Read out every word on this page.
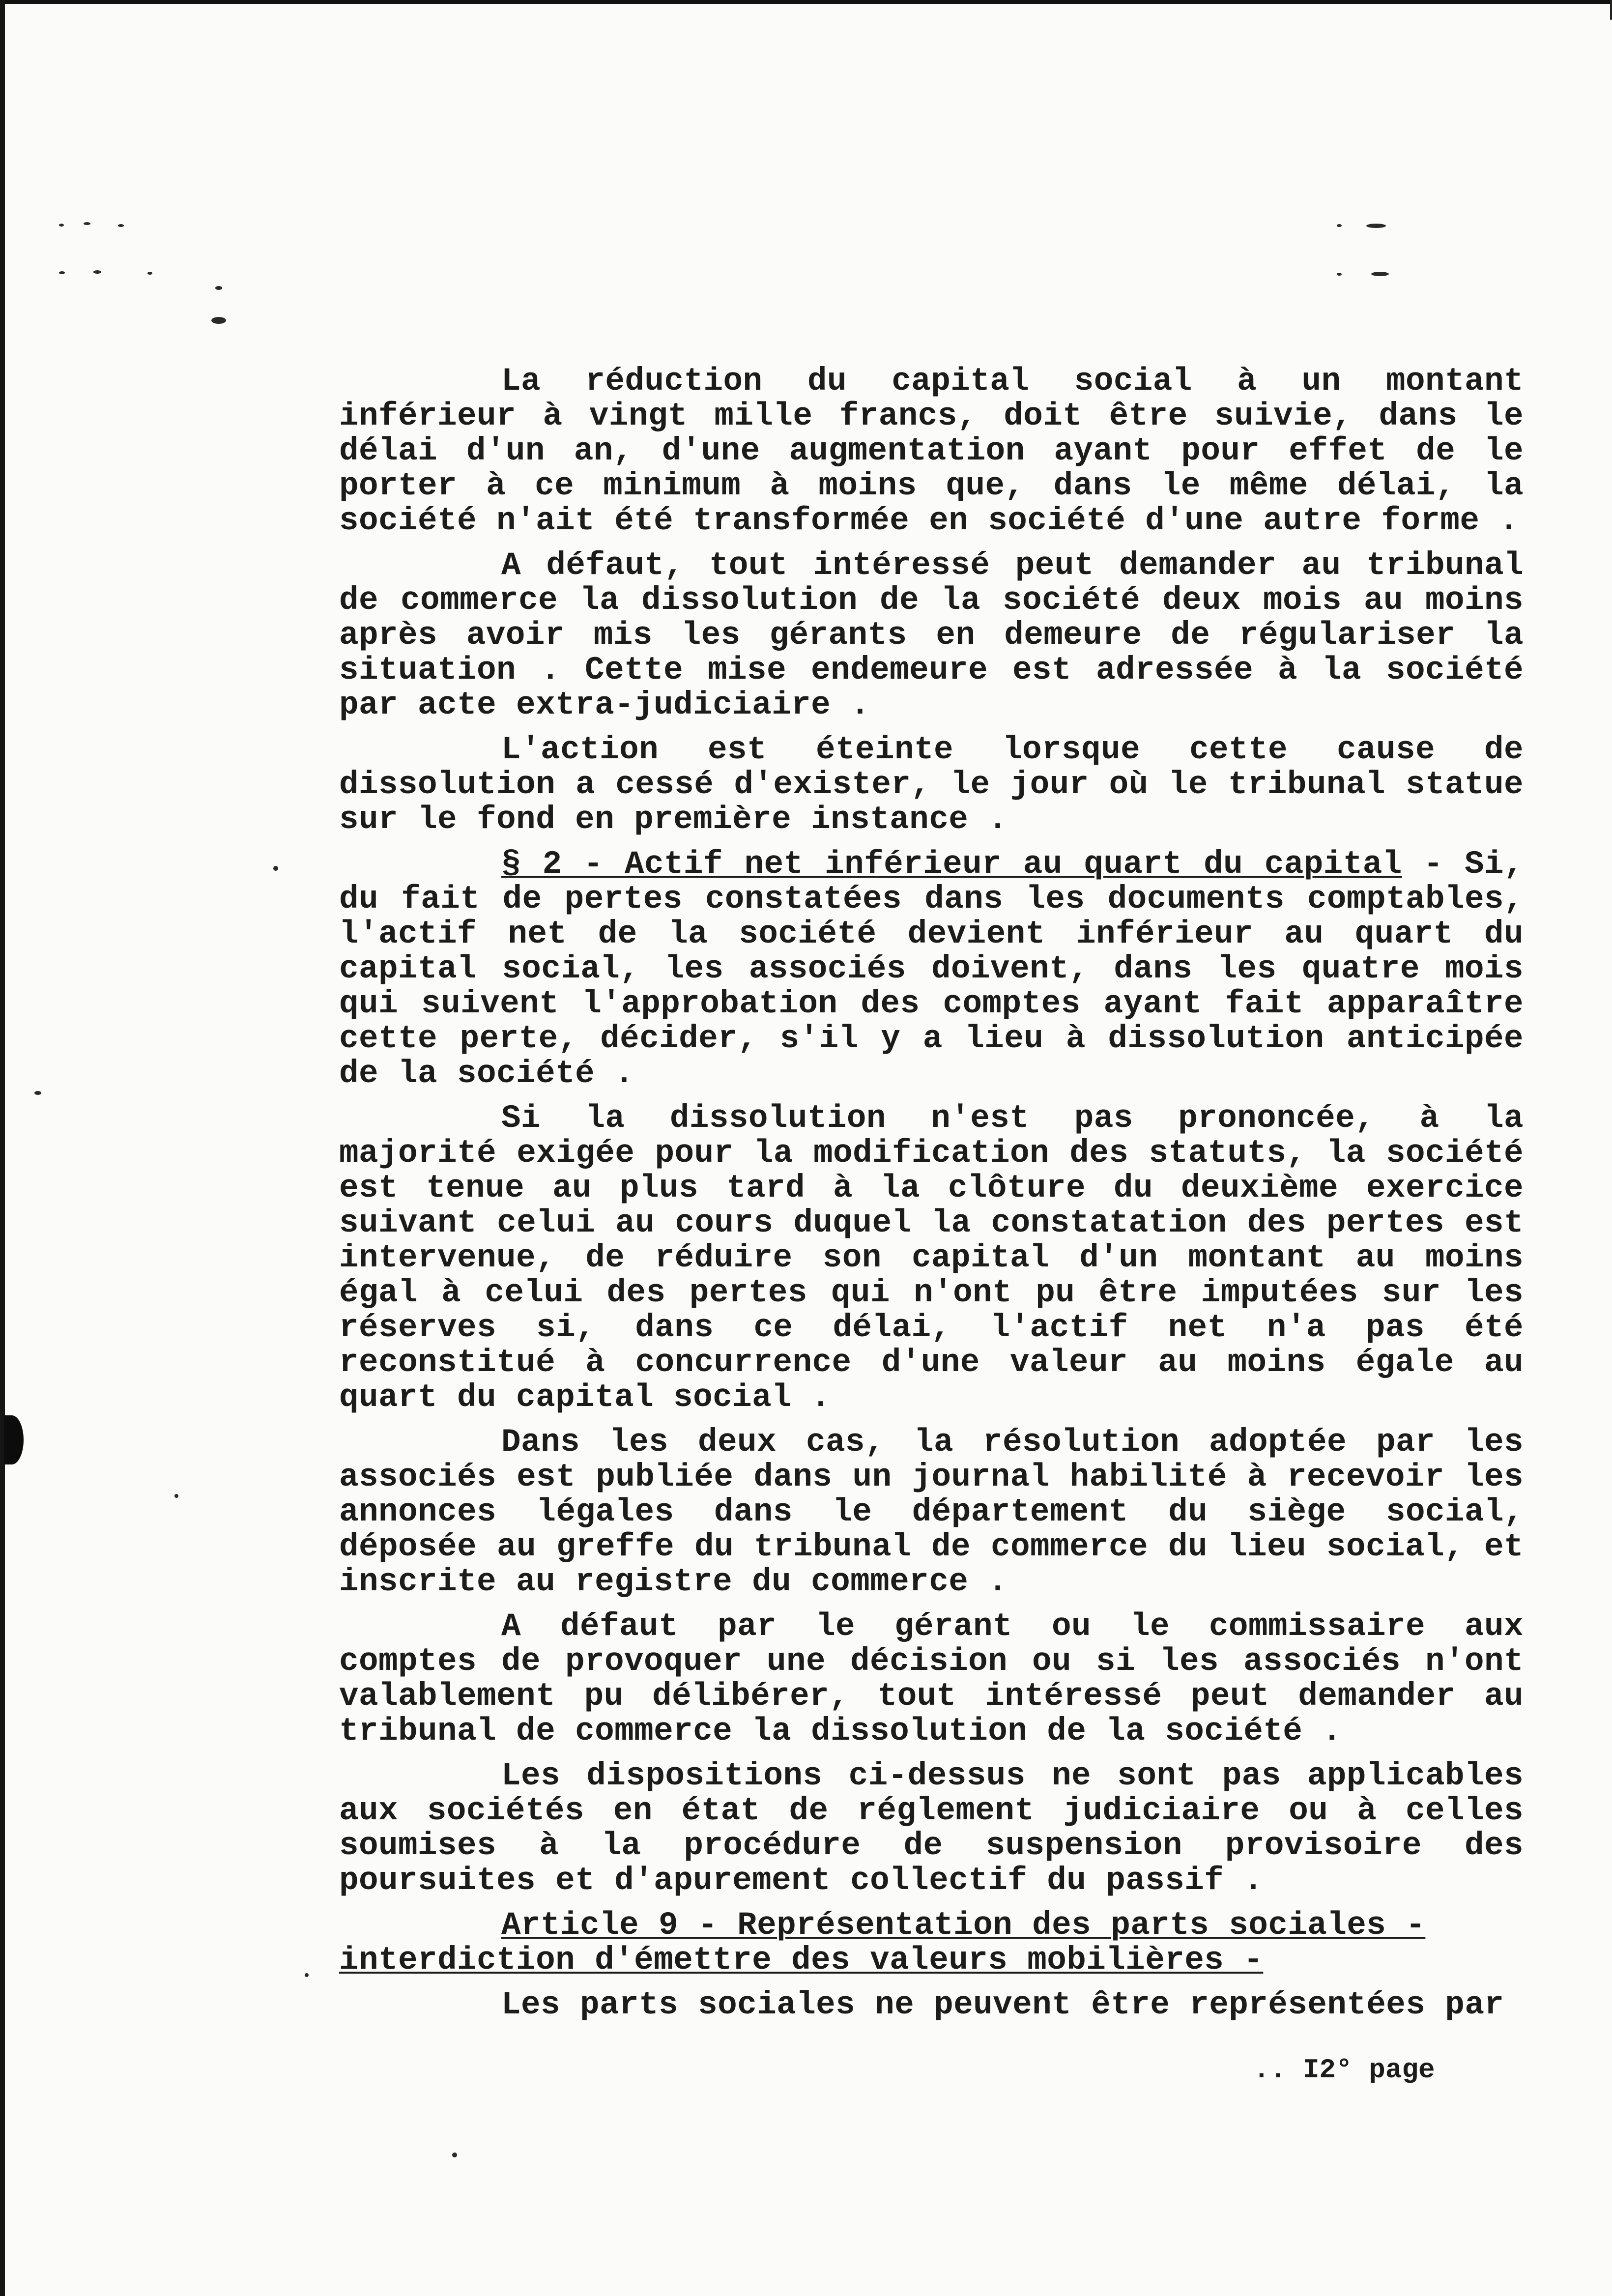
La réduction du capital social à un montant inférieur à vingt mille francs, doit être suivie, dans le délai d'un an, d'une augmentation ayant pour effet de le porter à ce minimum à moins que, dans le même délai, la société n'ait été transformée en société d'une autre forme .

A défaut, tout intéressé peut demander au tribunal de commerce la dissolution de la société deux mois au moins après avoir mis les gérants en demeure de régulariser la situation . Cette mise endemeure est adressée à la société par acte extra-judiciaire .

L'action est éteinte lorsque cette cause de dissolution a cessé d'exister, le jour où le tribunal statue sur le fond en première instance .

§ 2 - Actif net inférieur au quart du capital - Si, du fait de pertes constatées dans les documents comptables, l'actif net de la société devient inférieur au quart du capital social, les associés doivent, dans les quatre mois qui suivent l'approbation des comptes ayant fait apparaître cette perte, décider, s'il y a lieu à dissolution anticipée de la société .

Si la dissolution n'est pas prononcée, à la majorité exigée pour la modification des statuts, la société est tenue au plus tard à la clôture du deuxième exercice suivant celui au cours duquel la constatation des pertes est intervenue, de réduire son capital d'un montant au moins égal à celui des pertes qui n'ont pu être imputées sur les réserves si, dans ce délai, l'actif net n'a pas été reconstitué à concurrence d'une valeur au moins égale au quart du capital social .

Dans les deux cas, la résolution adoptée par les associés est publiée dans un journal habilité à recevoir les annonces légales dans le département du siège social, déposée au greffe du tribunal de commerce du lieu social, et inscrite au registre du commerce .

A défaut par le gérant ou le commissaire aux comptes de provoquer une décision ou si les associés n'ont valablement pu délibérer, tout intéressé peut demander au tribunal de commerce la dissolution de la société .

Les dispositions ci-dessus ne sont pas applicables aux sociétés en état de réglement judiciaire ou à celles soumises à la procédure de suspension provisoire des poursuites et d'apurement collectif du passif .

Article 9 - Représentation des parts sociales - interdiction d'émettre des valeurs mobilières -

Les parts sociales ne peuvent être représentées par

.. I2° page
